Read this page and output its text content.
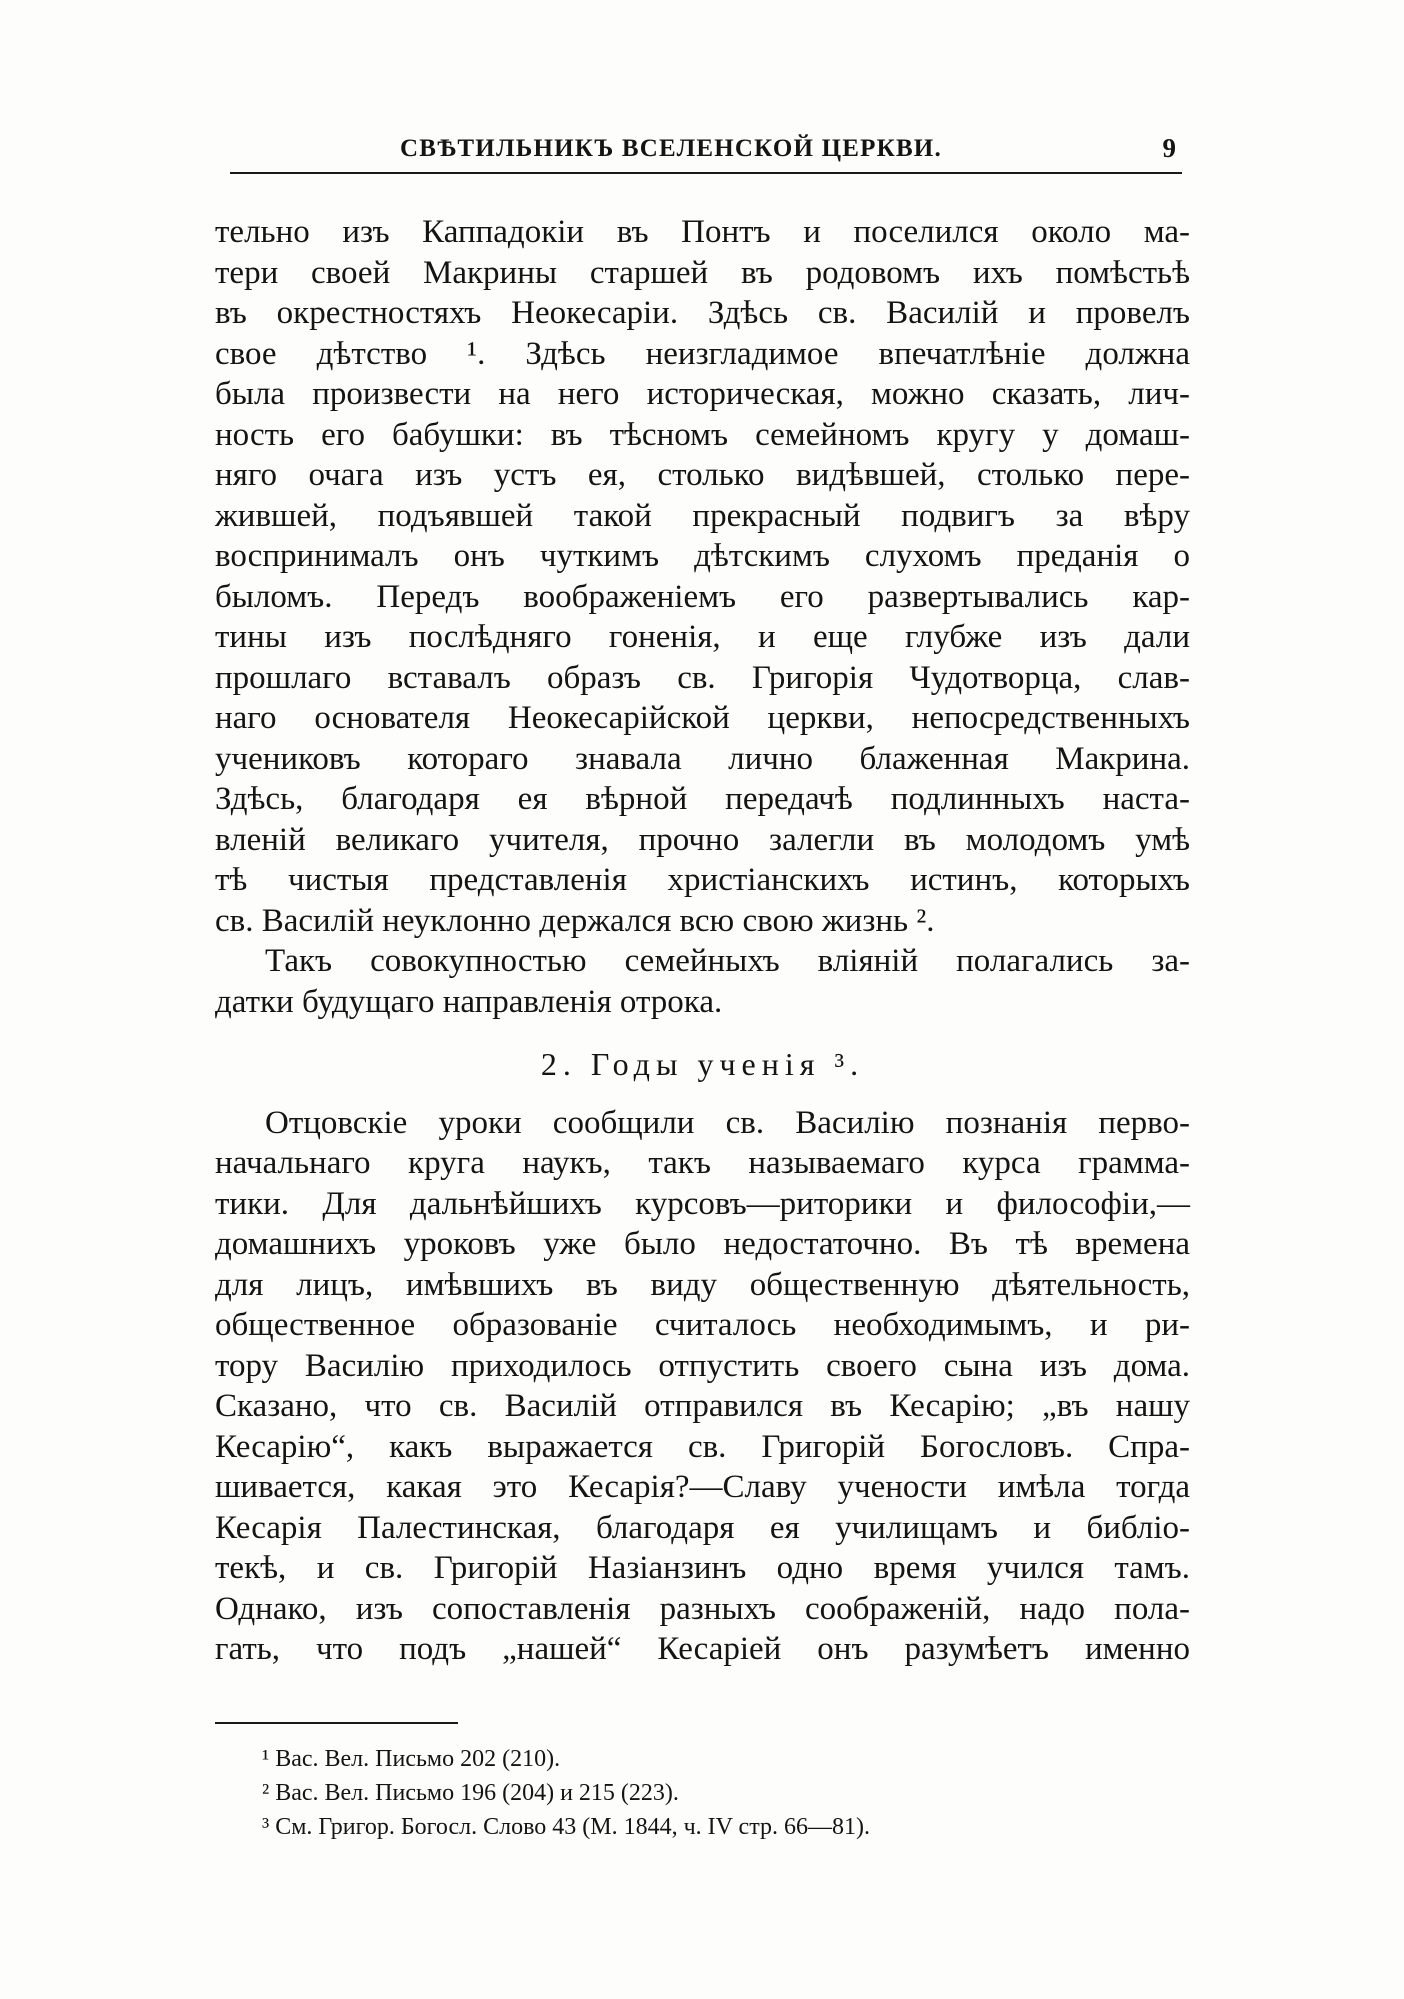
СВѢТИЛЬНИКЪ ВСЕЛЕНСКОЙ ЦЕРКВИ.	9
тельно изъ Каппадокіи въ Понтъ и поселился около ма-
тери своей Макрины старшей въ родовомъ ихъ помѣстьѣ
въ окрестностяхъ Неокесаріи. Здѣсь св. Василій и провелъ
свое дѣтство ¹. Здѣсь неизгладимое впечатлѣніе должна
была произвести на него историческая, можно сказать, лич-
ность его бабушки: въ тѣсномъ семейномъ кругу у домаш-
няго очага изъ устъ ея, столько видѣвшей, столько пере-
жившей, подъявшей такой прекрасный подвигъ за вѣру
воспринималъ онъ чуткимъ дѣтскимъ слухомъ преданія о
быломъ. Передъ воображеніемъ его развертывались кар-
тины изъ послѣдняго гоненія, и еще глубже изъ дали
прошлаго вставалъ образъ св. Григорія Чудотворца, слав-
наго основателя Неокесарійской церкви, непосредственныхъ
учениковъ котораго знавала лично блаженная Макрина.
Здѣсь, благодаря ея вѣрной передачѣ подлинныхъ наста-
вленій великаго учителя, прочно залегли въ молодомъ умѣ
тѣ чистыя представленія христіанскихъ истинъ, которыхъ
св. Василій неуклонно держался всю свою жизнь ².
Такъ совокупностью семейныхъ вліяній полагались за-
датки будущаго направленія отрока.
2. Годы ученія ³.
Отцовскіе уроки сообщили св. Василію познанія перво-
начальнаго круга наукъ, такъ называемаго курса грамма-
тики. Для дальнѣйшихъ курсовъ—риторики и философіи,—
домашнихъ уроковъ уже было недостаточно. Въ тѣ времена
для лицъ, имѣвшихъ въ виду общественную дѣятельность,
общественное образованіе считалось необходимымъ, и ри-
тору Василію приходилось отпустить своего сына изъ дома.
Сказано, что св. Василій отправился въ Кесарію; „въ нашу
Кесарію“, какъ выражается св. Григорій Богословъ. Спра-
шивается, какая это Кесарія?—Славу учености имѣла тогда
Кесарія Палестинская, благодаря ея училищамъ и библіо-
текѣ, и св. Григорій Назіанзинъ одно время учился тамъ.
Однако, изъ сопоставленія разныхъ соображеній, надо пола-
гать, что подъ „нашей“ Кесаріей онъ разумѣетъ именно
¹ Вас. Вел. Письмо 202 (210).
² Вас. Вел. Письмо 196 (204) и 215 (223).
³ См. Григор. Богосл. Слово 43 (М. 1844, ч. IV стр. 66—81).
